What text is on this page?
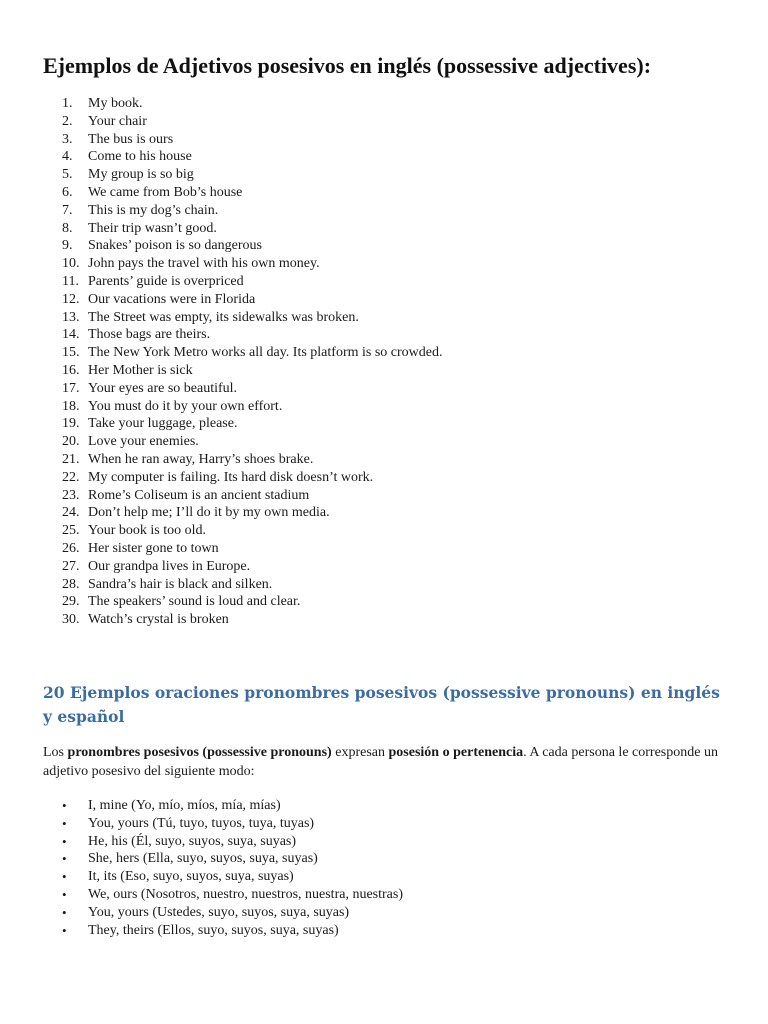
Ejemplos de Adjetivos posesivos en inglés (possessive adjectives):
1.	My book.
2.	Your chair
3.	The bus is ours
4.	Come to his house
5.	My group is so big
6.	We came from Bob’s house
7.	This is my dog’s chain.
8.	Their trip wasn’t good.
9.	Snakes’ poison is so dangerous
10. John pays the travel with his own money.
11. Parents’ guide is overpriced
12. Our vacations were in Florida
13. The Street was empty, its sidewalks was broken.
14. Those bags are theirs.
15. The New York Metro works all day. Its platform is so crowded.
16. Her Mother is sick
17. Your eyes are so beautiful.
18. You must do it by your own effort.
19. Take your luggage, please.
20. Love your enemies.
21. When he ran away, Harry’s shoes brake.
22. My computer is failing. Its hard disk doesn’t work.
23. Rome’s Coliseum is an ancient stadium
24. Don’t help me; I’ll do it by my own media.
25. Your book is too old.
26. Her sister gone to town
27. Our grandpa lives in Europe.
28. Sandra’s hair is black and silken.
29. The speakers’ sound is loud and clear.
30. Watch’s crystal is broken
20 Ejemplos oraciones pronombres posesivos (possessive pronouns) en inglés y español

Los pronombres posesivos (possessive pronouns) expresan posesión o pertenencia. A cada persona le corresponde un adjetivo posesivo del siguiente modo:

•	I, mine (Yo, mío, míos, mía, mías)
•	You, yours (Tú, tuyo, tuyos, tuya, tuyas)
•	He, his (Él, suyo, suyos, suya, suyas)
•	She, hers (Ella, suyo, suyos, suya, suyas)
•	It, its (Eso, suyo, suyos, suya, suyas)
•	We, ours (Nosotros, nuestro, nuestros, nuestra, nuestras)
•	You, yours (Ustedes, suyo, suyos, suya, suyas)
•	They, theirs (Ellos, suyo, suyos, suya, suyas)
